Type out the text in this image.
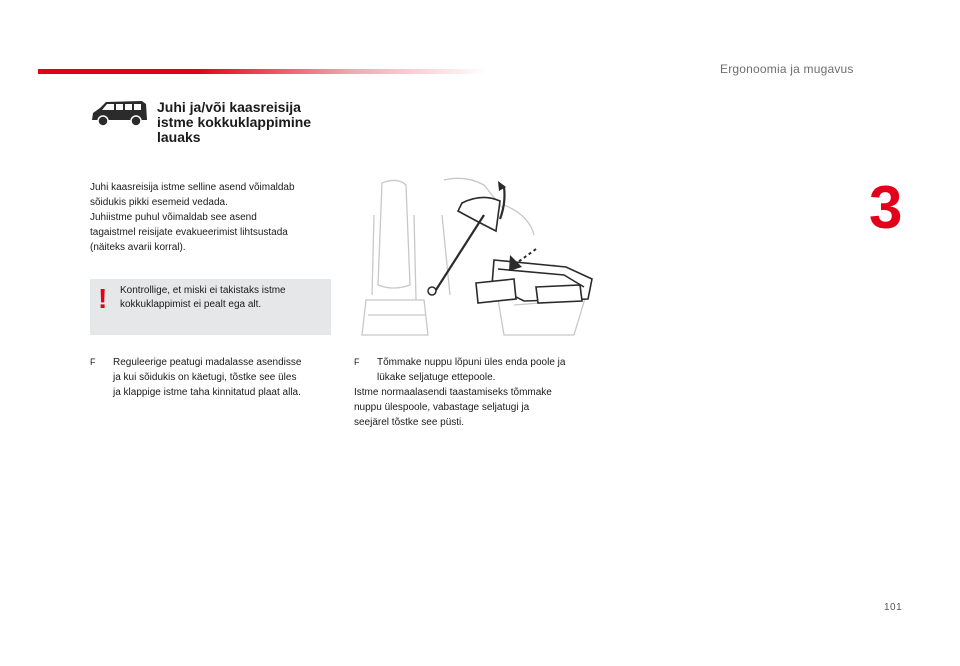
Ergonoomia ja mugavus
3
Juhi ja/või kaasreisija
istme kokkuklappimine
lauaks

Juhi kaasreisija istme selline asend võimaldab

sõidukis pikki esemeid vedada.

Juhiistme puhul võimaldab see asend

tagaistmel reisijate evakueerimist lihtsustada

(näiteks avarii korral).

! Kontrollige, et miski ei takistaks istme
kokkuklappimist ei pealt ega alt.
F Reguleerige peatugi madalasse asendisse
ja kui sõidukis on käetugi, tõstke see üles
ja klappige istme taha kinnitatud plaat alla.
F Tõmmake nuppu lõpuni üles enda poole ja
lükake seljatuge ettepoole.
Istme normaalasendi taastamiseks tõmmake
nuppu ülespoole, vabastage seljatugi ja
seejärel tõstke see püsti.
101
